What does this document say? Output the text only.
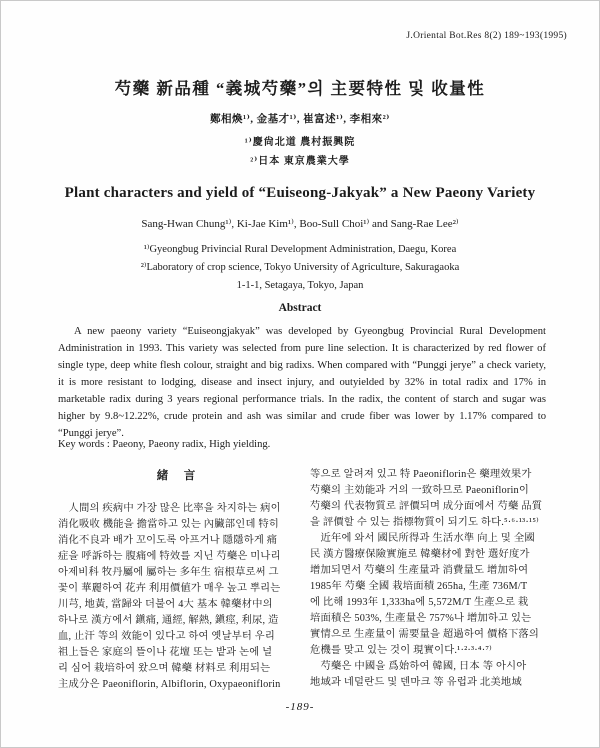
J.Oriental Bot.Res 8(2) 189~193(1995)
芍藥 新品種 “義城芍藥”의 主要特性 및 收量性
鄭相煥¹⁾, 金基才¹⁾, 崔富述¹⁾, 李相來²⁾
¹⁾慶尙北道 農村振興院
²⁾日本 東京農業大學
Plant characters and yield of “Euiseong-Jakyak” a New Paeony Variety
Sang-Hwan Chung¹⁾, Ki-Jae Kim¹⁾, Boo-Sull Choi¹⁾ and Sang-Rae Lee²⁾
¹⁾Gyeongbug Privincial Rural Development Administration, Daegu, Korea
²⁾Laboratory of crop science, Tokyo University of Agriculture, Sakuragaoka
1-1-1, Setagaya, Tokyo, Japan
Abstract

A new paeony variety “Euiseongjakyak” was developed by Gyeongbug Provincial Rural Development Administration in 1993. This variety was selected from pure line selection. It is characterized by red flower of single type, deep white flesh colour, straight and big radixs. When compared with “Punggi jerye” a check variety, it is more resistant to lodging, disease and insect injury, and outyielded by 32% in total radix and 17% in marketable radix during 3 years regional performance trials. In the radix, the content of starch and sugar was higher by 9.8~12.22%, crude protein and ash was similar and crude fiber was lower by 1.17% compared to “Punggi jerye”.

Key words : Paeony, Paeony radix, High yielding.
緒　言
　人間의 疾病中 가장 많은 比率을 차지하는 病이
消化吸收 機能을 擔當하고 있는 內臟部인데 特히
消化不良과 배가 꼬이도록 아프거나 隱隱하게 痛
症을 呼訴하는 腹痛에 特效를 지닌 芍藥은 미나리
아제비科 牧丹屬에 屬하는 多年生 宿根草로써 그
꽃이 華麗하여 花卉 利用價値가 매우 높고 뿌리는
川芎, 地黃, 當歸와 더불어 4大 基本 韓藥材中의
하나로 漢方에서 鎭痛, 通經, 解熱, 鎭痙, 利尿, 造
血, 止汗 等의 效能이 있다고 하여 옛날부터 우리
祖上들은 家庭의 뜰이나 花壇 또는 밭과 논에 널
리 심어 栽培하여 왔으며 韓藥 材料로 利用되는
主成分은 Paeoniflorin, Albiflorin, Oxypaeoniflorin
等으로 알려져 있고 特 Paeoniflorin은 藥理效果가
芍藥의 主効能과 거의 一致하므로 Paeoniflorin이
芍藥의 代表物質로 評價되며 成分面에서 芍藥 品質
을 評價할 수 있는 指標物質이 되기도 하다.⁵·⁶·¹³·¹⁵⁾
　近年에 와서 國民所得과 生活水準 向上 및 全國
民 漢方醫療保險實施로 韓藥材에 對한 選好度가
增加되면서 芍藥의 生產量과 消費量도 增加하여
1985年 芍藥 全國 栽培面積 265ha, 生產 736M/T
에 比해 1993年 1,333ha에 5,572M/T 生產으로 栽
培面積은 503%, 生產量은 757%나 增加하고 있는
實情으로 生產量이 需要量을 超過하여 價格下落의
危機를 맞고 있는 것이 現實이다.¹·²·³·⁴·⁷⁾
　芍藥은 中國을 爲始하여 韓國, 日本 等 아시아
地域과 네덜란드 및 덴마크 等 유럽과 北美地域
-189-
